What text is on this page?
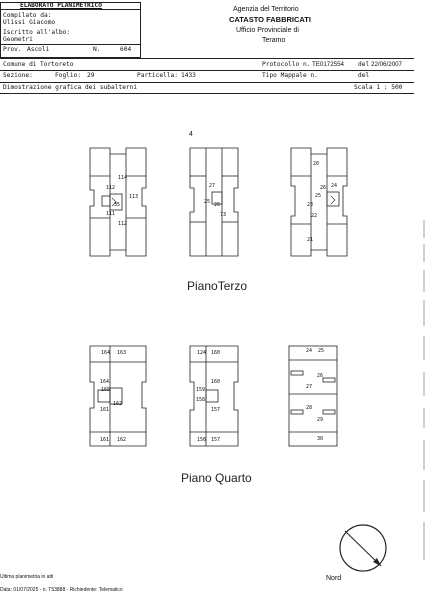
ELABORATO PLANIMETRICO
Compilato da:
Ulissi Giacomo
Iscritto all'albo:
Geometri
Prov. Ascoli	N.	604
Agenzia del Territorio
CATASTO FABBRICATI
Ufficio Provinciale di
Teramo
Comune di Tortoreto	Protocollo n. TE0172554 del 22/06/2007
Sezione:	Foglio: 29	Particella: 1433	Tipo Mappale n.	del
Dimostrazione grafica dei subalterni	Scala 1 : 500
4
114
113
112
111
112
35
27
25 26
73
20
26
25
24
23
22
21
PianoTerzo
164 163
164
165
162
161
161 162
124 160
160
159
158
157
156 157
24 25
26
27
28
29
30
Piano Quarto
Nord
Ultima planimetria in atti
Data: 01/07/2025 - n. T53888 - Richiedente: Telematico
